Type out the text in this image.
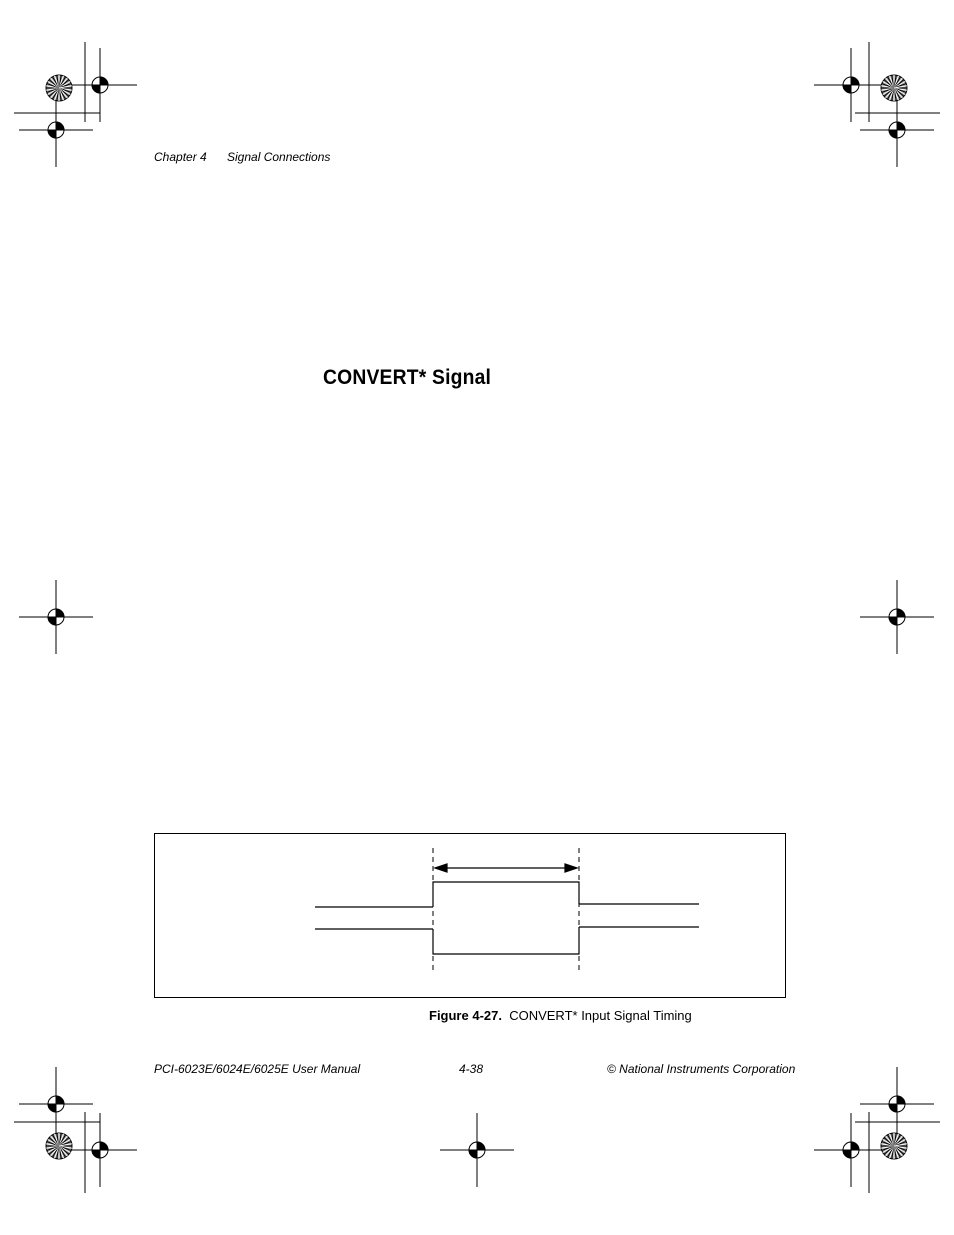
Chapter 4 Signal Connections
CONVERT* Signal
Figure 4-27. CONVERT* Input Signal Timing
PCI-6023E/6024E/6025E User Manual	4-38	© National Instruments Corporation
